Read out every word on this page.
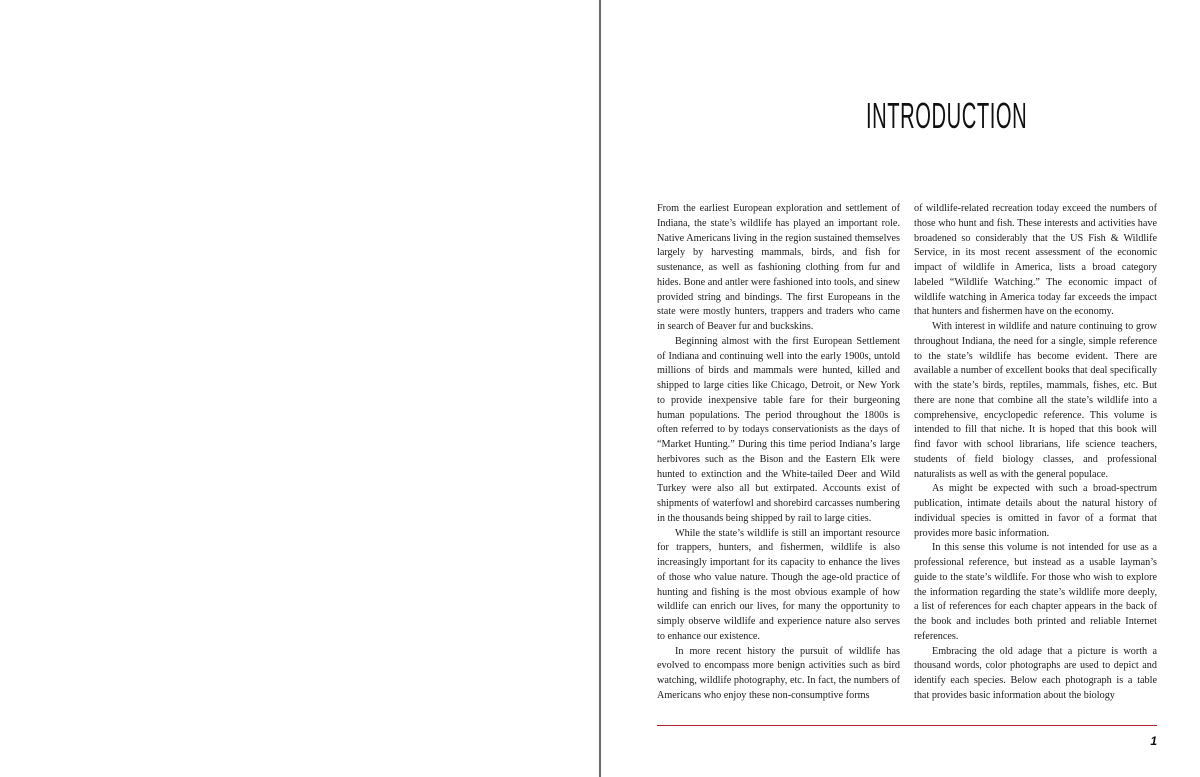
INTRODUCTION

From the earliest European exploration and settlement of Indiana, the state’s wildlife has played an important role. Native Americans living in the region sustained themselves largely by harvesting mammals, birds, and fish for sustenance, as well as fashioning clothing from fur and hides. Bone and antler were fashioned into tools, and sinew provided string and bindings. The first Europeans in the state were mostly hunters, trappers and traders who came in search of Beaver fur and buckskins.

Beginning almost with the first European Settlement of Indiana and continuing well into the early 1900s, untold millions of birds and mammals were hunted, killed and shipped to large cities like Chicago, Detroit, or New York to provide inexpensive table fare for their burgeoning human populations. The period throughout the 1800s is often referred to by todays conservationists as the days of “Market Hunting.” During this time period Indiana’s large herbivores such as the Bison and the Eastern Elk were hunted to extinction and the White-tailed Deer and Wild Turkey were also all but extirpated. Accounts exist of shipments of waterfowl and shorebird carcasses numbering in the thousands being shipped by rail to large cities.

While the state’s wildlife is still an important resource for trappers, hunters, and fishermen, wildlife is also increasingly important for its capacity to enhance the lives of those who value nature. Though the age-old practice of hunting and fishing is the most obvious example of how wildlife can enrich our lives, for many the opportunity to simply observe wildlife and experience nature also serves to enhance our existence.

In more recent history the pursuit of wildlife has evolved to encompass more benign activities such as bird watching, wildlife photography, etc. In fact, the numbers of Americans who enjoy these non-consumptive forms

of wildlife-related recreation today exceed the numbers of those who hunt and fish. These interests and activities have broadened so considerably that the US Fish & Wildlife Service, in its most recent assessment of the economic impact of wildlife in America, lists a broad category labeled “Wildlife Watching.” The economic impact of wildlife watching in America today far exceeds the impact that hunters and fishermen have on the economy.

With interest in wildlife and nature continuing to grow throughout Indiana, the need for a single, simple reference to the state’s wildlife has become evident. There are available a number of excellent books that deal specifically with the state’s birds, reptiles, mammals, fishes, etc. But there are none that combine all the state’s wildlife into a comprehensive, encyclopedic reference. This volume is intended to fill that niche. It is hoped that this book will find favor with school librarians, life science teachers, students of field biology classes, and professional naturalists as well as with the general populace.

As might be expected with such a broad-spectrum publication, intimate details about the natural history of individual species is omitted in favor of a format that provides more basic information.

In this sense this volume is not intended for use as a professional reference, but instead as a usable layman’s guide to the state’s wildlife. For those who wish to explore the information regarding the state’s wildlife more deeply, a list of references for each chapter appears in the back of the book and includes both printed and reliable Internet references.

Embracing the old adage that a picture is worth a thousand words, color photographs are used to depict and identify each species. Below each photograph is a table that provides basic information about the biology

1
